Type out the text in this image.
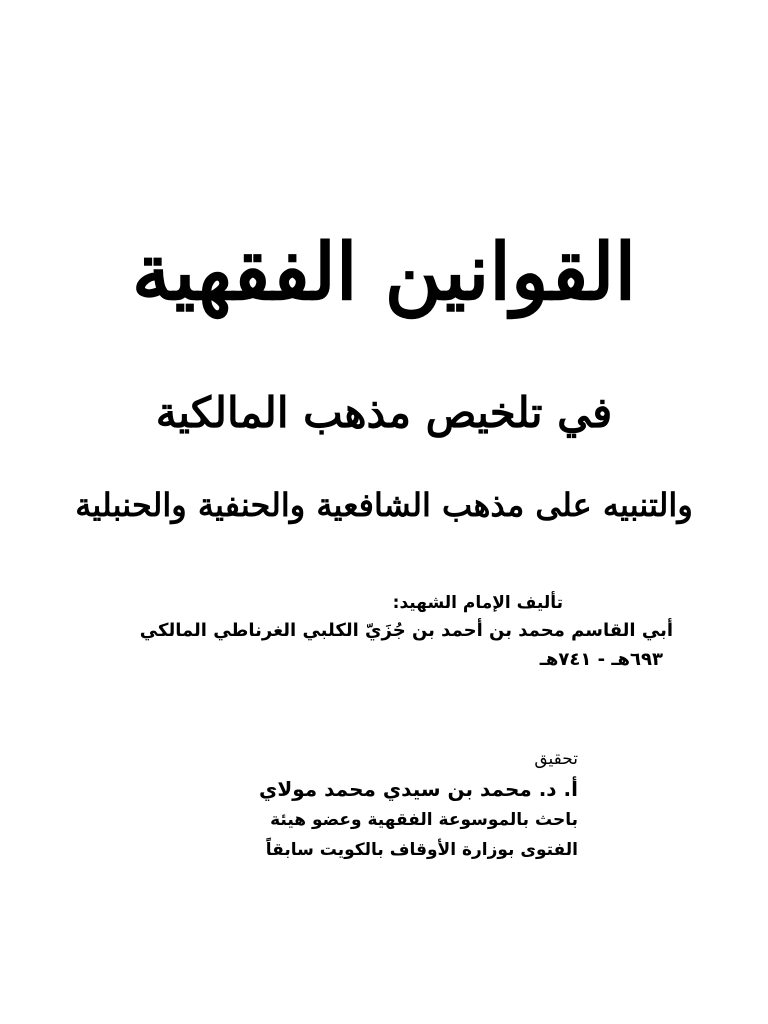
القوانين الفقهية
في تلخيص مذهب المالكية
والتنبيه على مذهب الشافعية والحنفية والحنبلية
تأليف الإمام الشهيد:
أبي القاسم محمد بن أحمد بن جُزَيّ الكلبي الغرناطي المالكي
٦٩٣هـ - ٧٤١هـ
تحقيق
أ. د. محمد بن سيدي محمد مولاي
باحث بالموسوعة الفقهية وعضو هيئة
الفتوى بوزارة الأوقاف بالكويت سابقاً
